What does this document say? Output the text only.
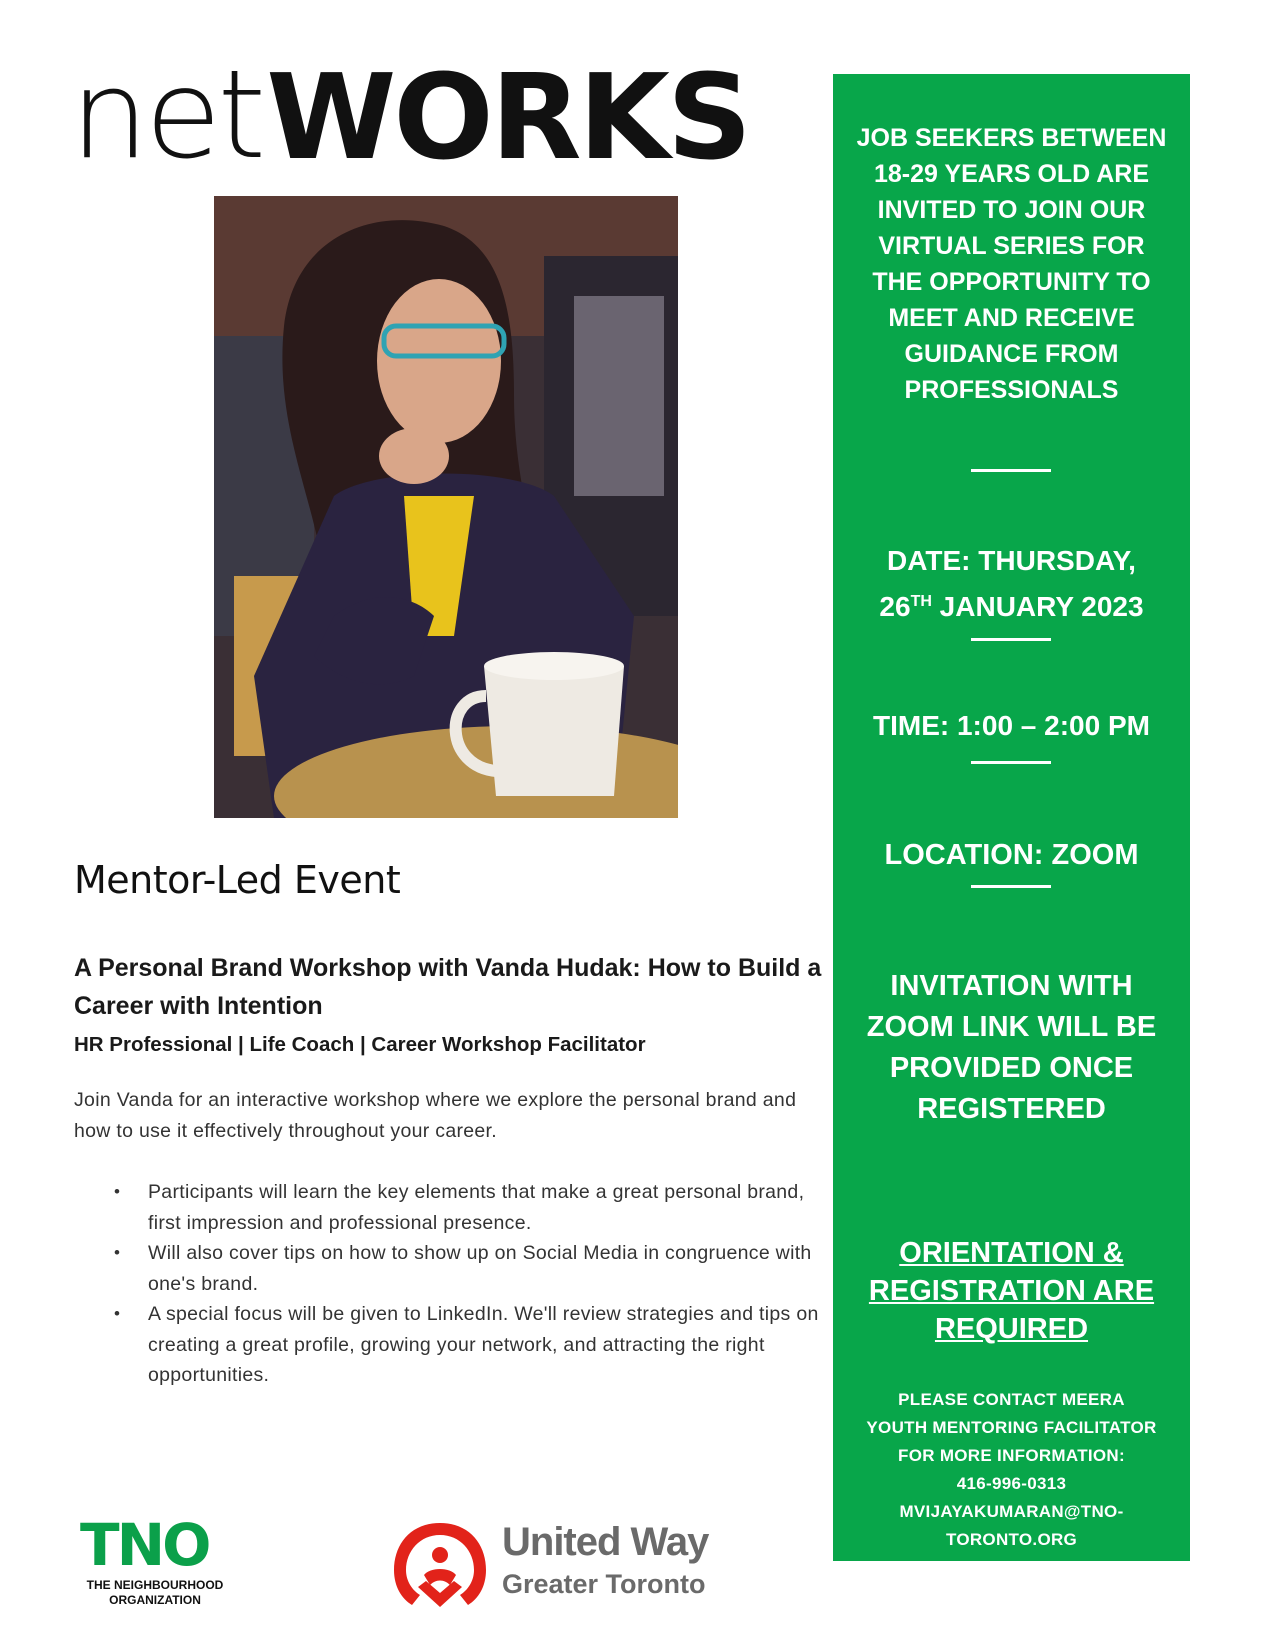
net WORKS
Mentor-Led Event
A Personal Brand Workshop with Vanda Hudak: How to Build a Career with Intention
HR Professional | Life Coach | Career Workshop Facilitator
Join Vanda for an interactive workshop where we explore the personal brand and how to use it effectively throughout your career.
• Participants will learn the key elements that make a great personal brand, first impression and professional presence.
• Will also cover tips on how to show up on Social Media in congruence with one's brand.
• A special focus will be given to LinkedIn. We'll review strategies and tips on creating a great profile, growing your network, and attracting the right opportunities.
JOB SEEKERS BETWEEN 18-29 YEARS OLD ARE INVITED TO JOIN OUR VIRTUAL SERIES FOR THE OPPORTUNITY TO MEET AND RECEIVE GUIDANCE FROM PROFESSIONALS
DATE: THURSDAY,
26TH JANUARY 2023
TIME: 1:00 – 2:00 PM
LOCATION: ZOOM
INVITATION WITH ZOOM LINK WILL BE PROVIDED ONCE REGISTERED
ORIENTATION & REGISTRATION ARE REQUIRED
PLEASE CONTACT MEERA
YOUTH MENTORING FACILITATOR
FOR MORE INFORMATION:
416-996-0313
MVIJAYAKUMARAN@TNO-
TORONTO.ORG
TNO
THE NEIGHBOURHOOD ORGANIZATION
United Way
Greater Toronto
